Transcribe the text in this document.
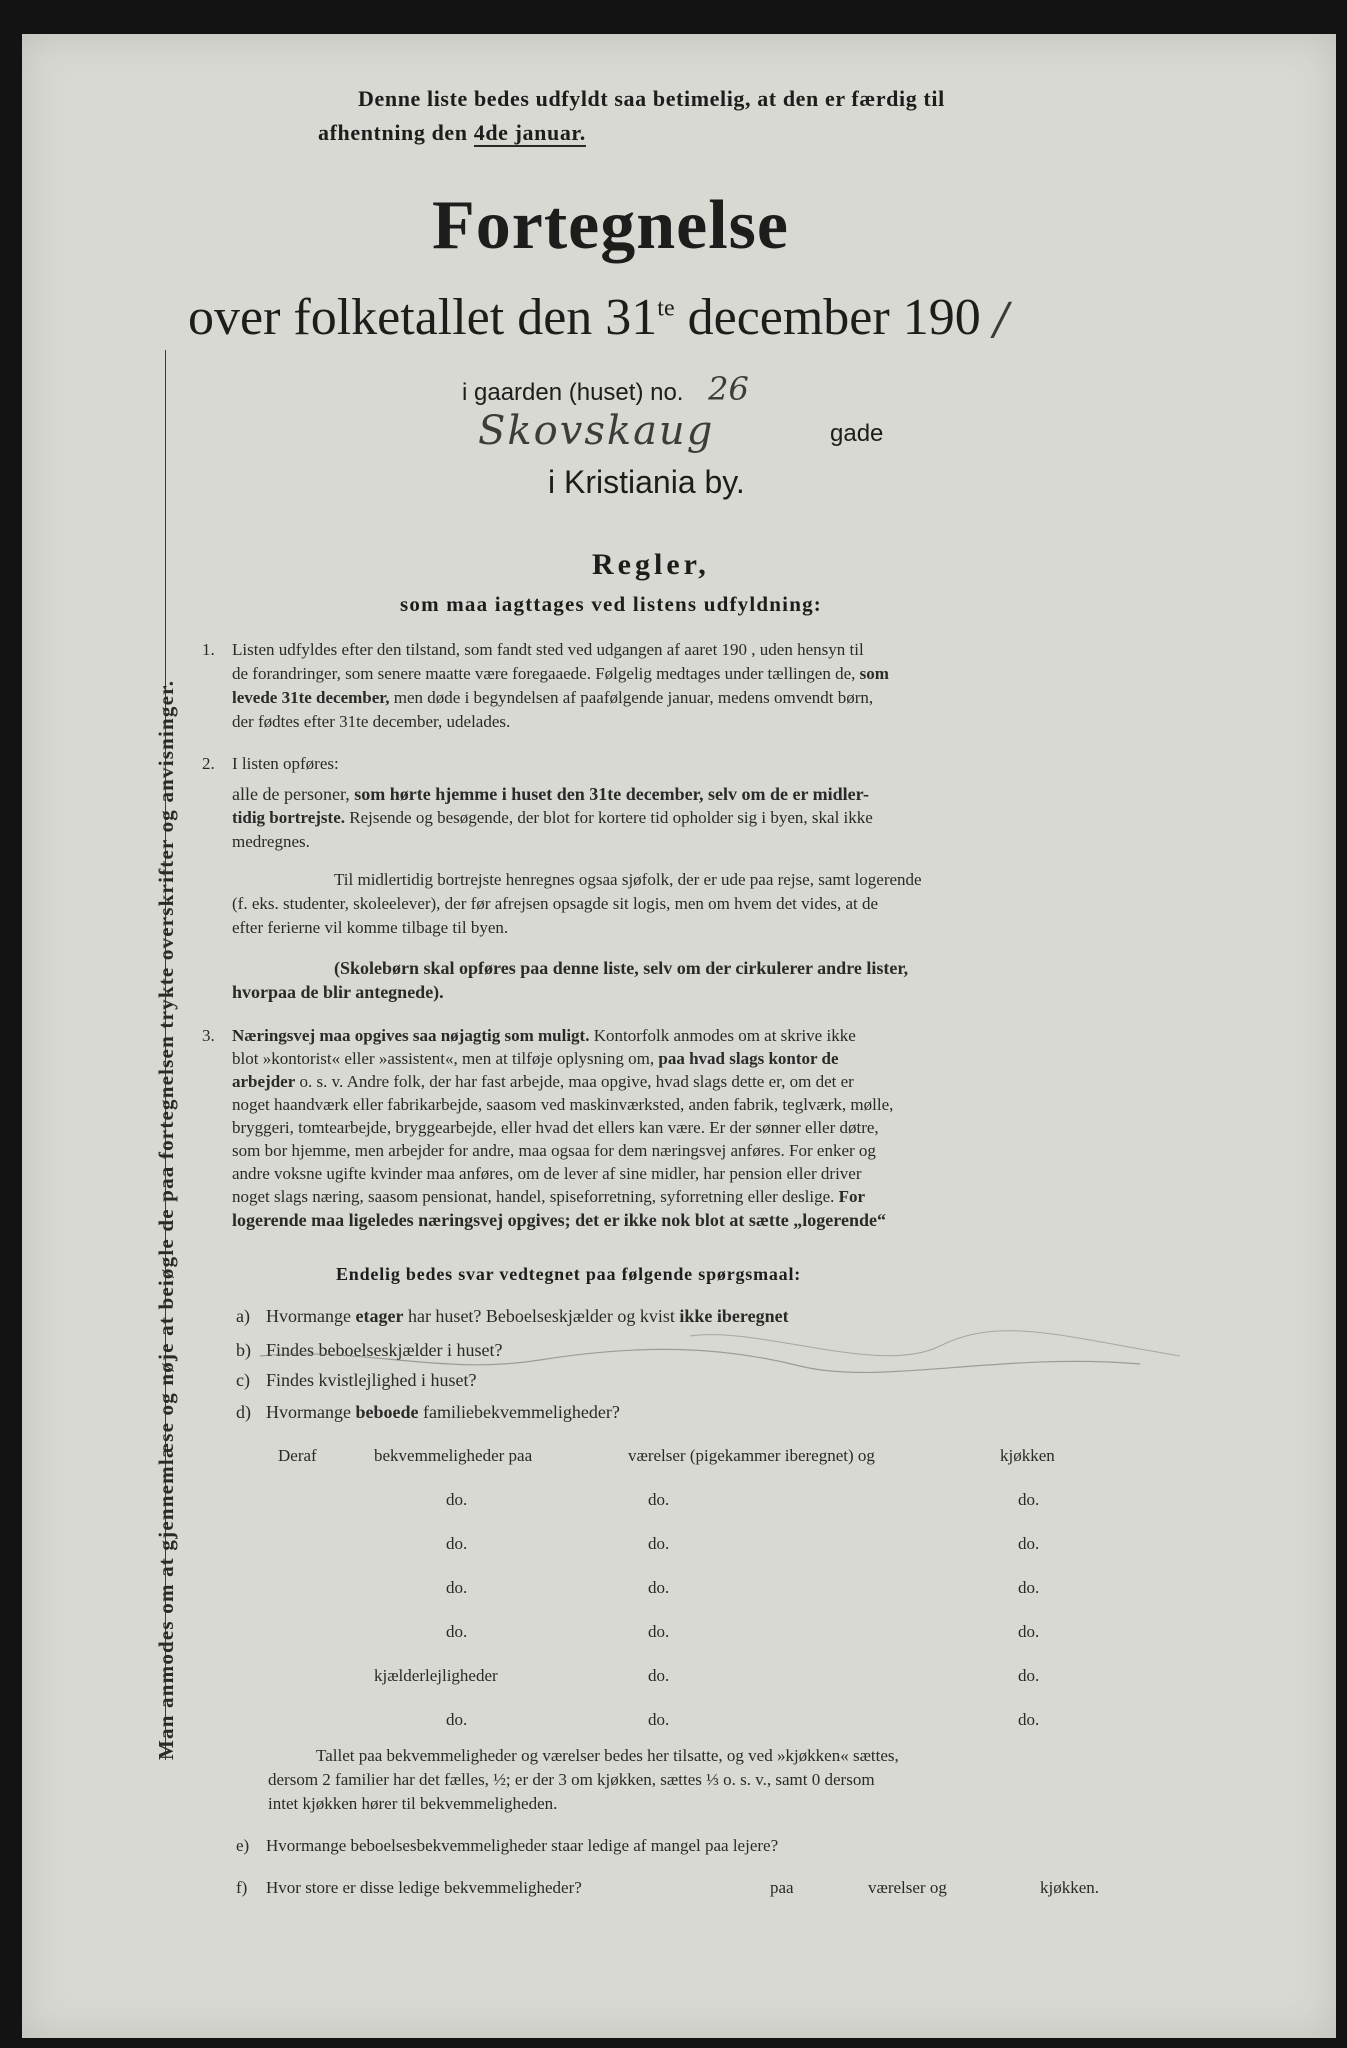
Denne liste bedes udfyldt saa betimelig, at den er færdig til
afhentning den 4de januar.
Fortegnelse
over folketallet den $31^{te}$ december 190 /
i gaarden (huset) no. 26
Skovskaug	gade
i Kristiania by.
Man anmodes om at gjennemlæse og nøje at beiøgle de paa fortegnelsen trykte overskrifter og anvisninger.
Regler,
som maa iagttages ved listens udfyldning:
1. Listen udfyldes efter den tilstand, som fandt sted ved udgangen af aaret 190 , uden hensyn til
de forandringer, som senere maatte være foregaaede. Følgelig medtages under tællingen de, som
levede 31te december, men døde i begyndelsen af paafølgende januar, medens omvendt børn,
der fødtes efter 31te december, udelades.
2. I listen opføres:
alle de personer, som hørte hjemme i huset den 31te december, selv om de er midler-
tidig bortrejste. Rejsende og besøgende, der blot for kortere tid opholder sig i byen, skal ikke
medregnes.
Til midlertidig bortrejste henregnes ogsaa sjøfolk, der er ude paa rejse, samt logerende
(f. eks. studenter, skoleelever), der før afrejsen opsagde sit logis, men om hvem det vides, at de
efter ferierne vil komme tilbage til byen.
(Skolebørn skal opføres paa denne liste, selv om der cirkulerer andre lister,
hvorpaa de blir antegnede).
3. Næringsvej maa opgives saa nøjagtig som muligt. Kontorfolk anmodes om at skrive ikke
blot »kontorist« eller »assistent«, men at tilføje oplysning om, paa hvad slags kontor de
arbejder o. s. v. Andre folk, der har fast arbejde, maa opgive, hvad slags dette er, om det er
noget haandværk eller fabrikarbejde, saasom ved maskinværksted, anden fabrik, teglværk, mølle,
bryggeri, tomtearbejde, bryggearbejde, eller hvad det ellers kan være. Er der sønner eller døtre,
som bor hjemme, men arbejder for andre, maa ogsaa for dem næringsvej anføres. For enker og
andre voksne ugifte kvinder maa anføres, om de lever af sine midler, har pension eller driver
noget slags næring, saasom pensionat, handel, spiseforretning, syforretning eller deslige. For
logerende maa ligeledes næringsvej opgives; det er ikke nok blot at sætte „logerende“
Endelig bedes svar vedtegnet paa følgende spørgsmaal:
a) Hvormange etager har huset? Beboelseskjælder og kvist ikke iberegnet
b) Findes beboelseskjælder i huset?
c) Findes kvistlejlighed i huset?
d) Hvormange beboede familiebekvemmeligheder?
Deraf	bekvemmeligheder paa	værelser (pigekammer iberegnet) og	kjøkken
do.	do.	do.
do.	do.	do.
do.	do.	do.
do.	do.	do.
kjælderlejligheder	do.	do.
do.	do.	do.
Tallet paa bekvemmeligheder og værelser bedes her tilsatte, og ved »kjøkken« sættes,
dersom 2 familier har det fælles, ½; er der 3 om kjøkken, sættes ⅓ o. s. v., samt 0 dersom
intet kjøkken hører til bekvemmeligheden.
e) Hvormange beboelsesbekvemmeligheder staar ledige af mangel paa lejere?
f) Hvor store er disse ledige bekvemmeligheder?	paa	værelser og	kjøkken.
